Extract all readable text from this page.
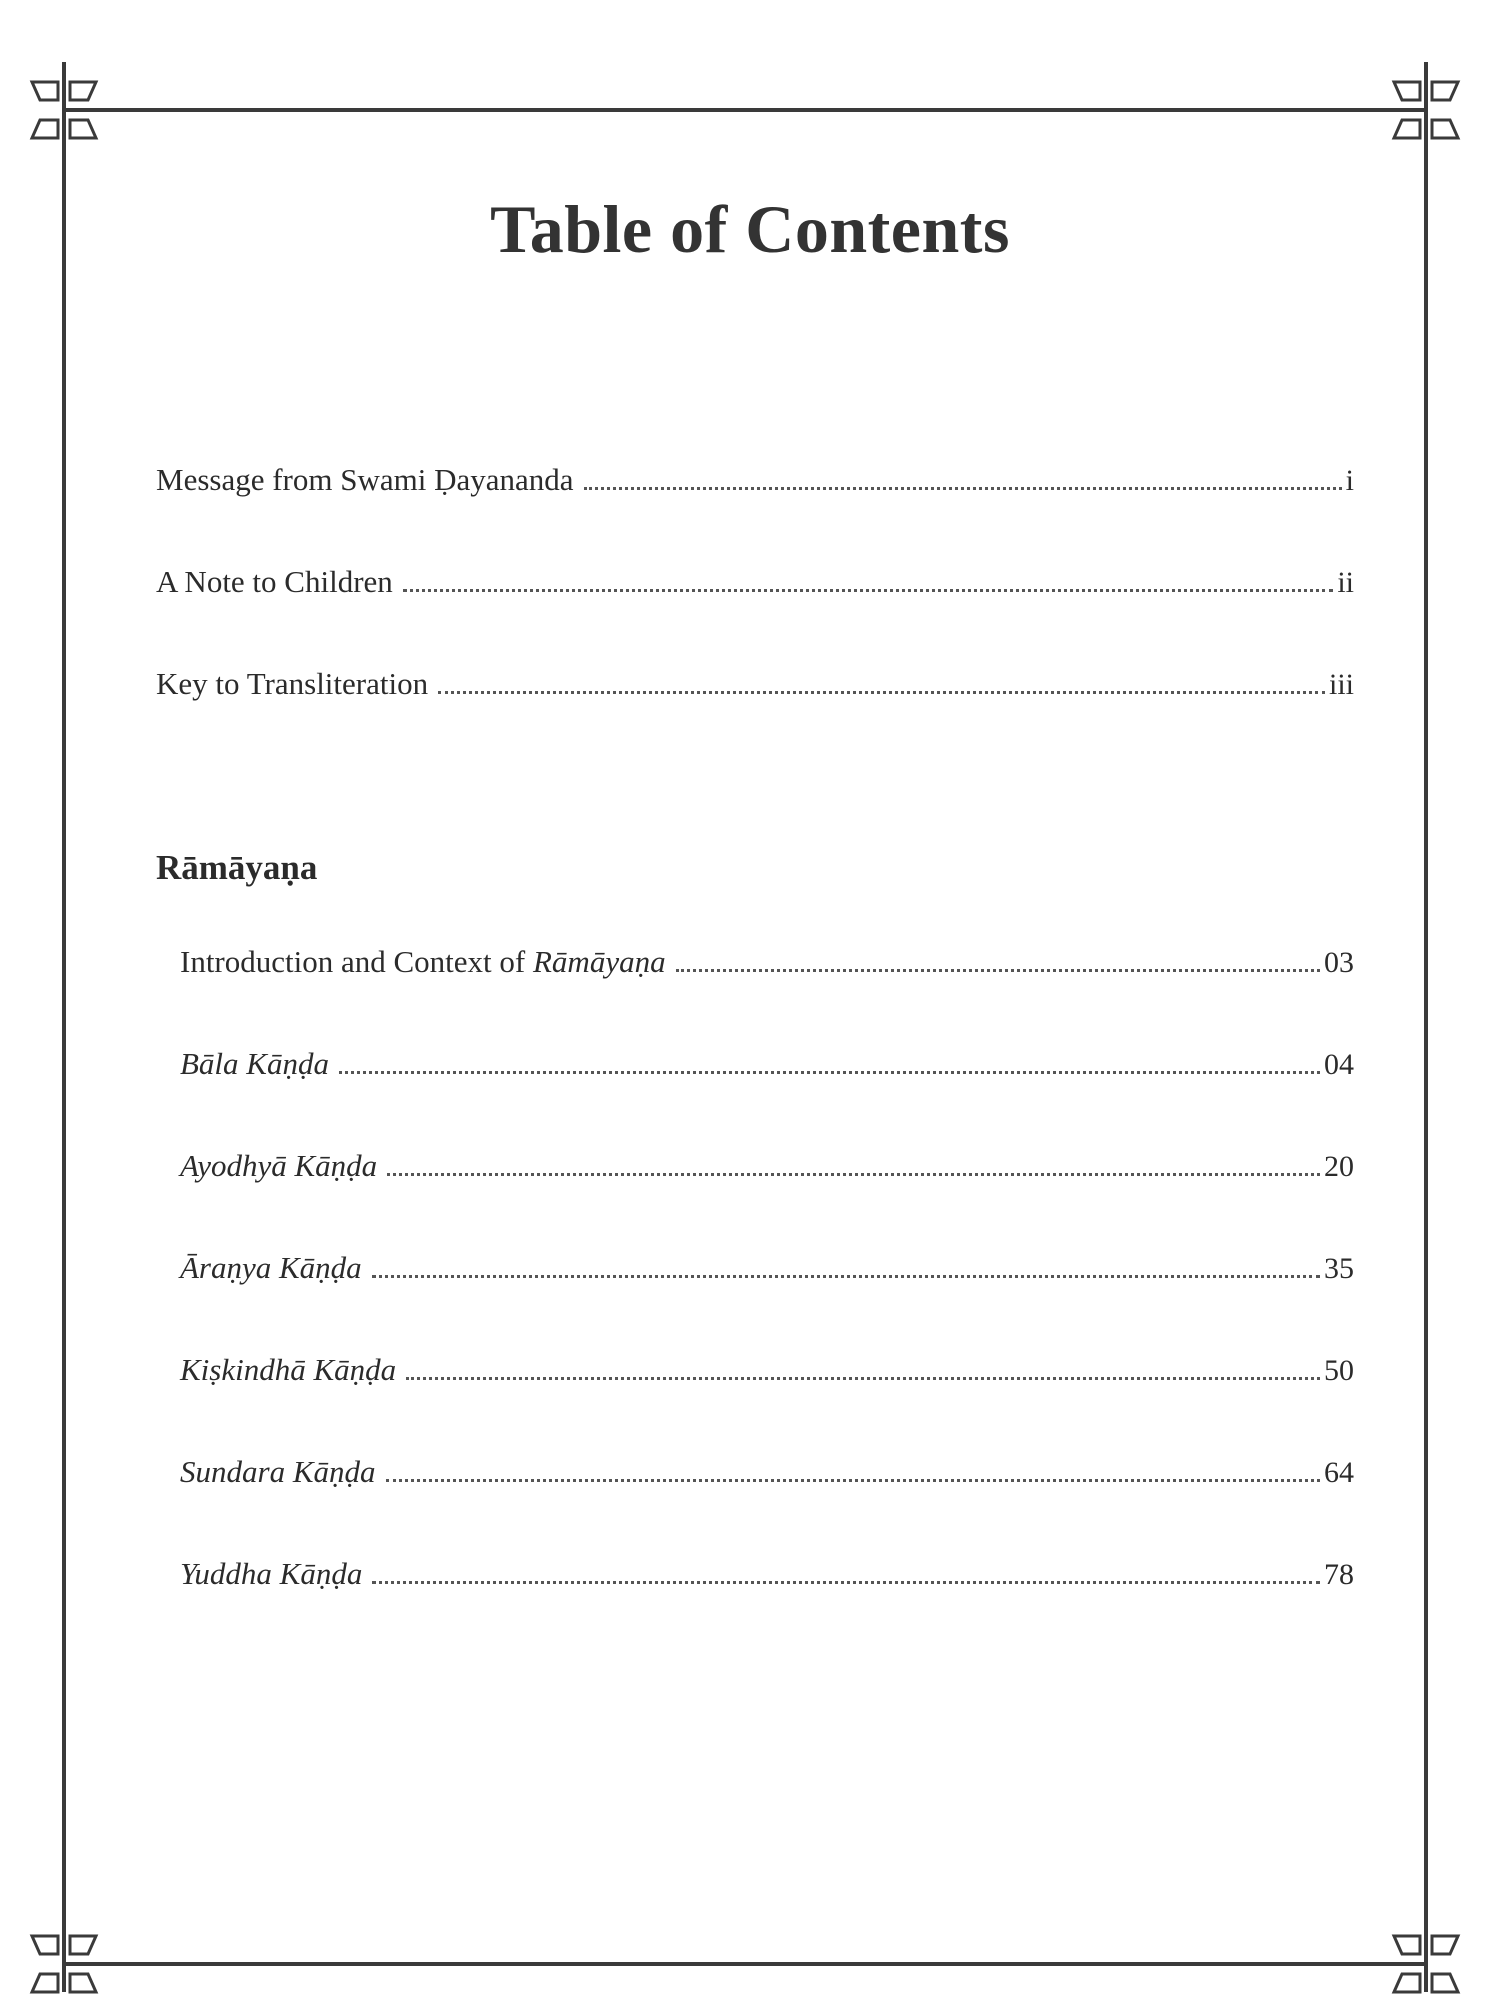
Table of Contents
Message from Swami Ḍayananda	i
A Note to Children	ii
Key to Transliteration	iii
Rāmāyaṇa
Introduction and Context of Rāmāyaṇa	03
Bāla Kāṇḍa	04
Ayodhyā Kāṇḍa	20
Āraṇya Kāṇḍa	35
Kiṣkindhā Kāṇḍa	50
Sundara Kāṇḍa	64
Yuddha Kāṇḍa	78
